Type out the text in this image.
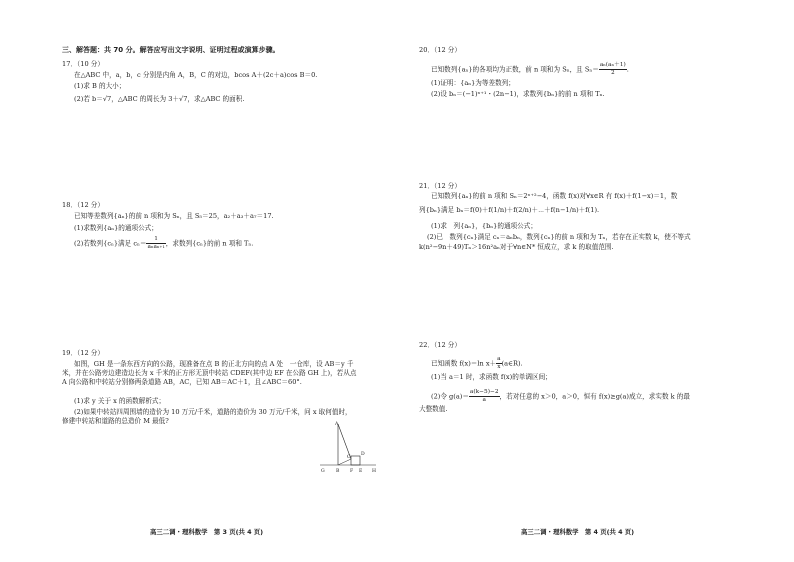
三、解答题：共 70 分。解答应写出文字说明、证明过程或演算步骤。
17．（10 分）
在△ABC 中，a，b，c 分别是内角 A，B，C 的对边，bcos A＋(2c＋a)cos B＝0.
(1)求 B 的大小；
(2)若 b＝√7，△ABC 的周长为 3＋√7，求△ABC 的面积.
18．（12 分）
已知等差数列{aₙ}的前 n 项和为 Sₙ，且 S₅＝25，a₂＋a₃＋a₇＝17.
(1)求数列{aₙ}的通项公式；
(2)若数列{cₙ}满足 $c_n= \frac{1}{\text{aₙaₙ₊₁}}$ ，求数列{cₙ}的前 n 项和 Tₙ.
19．（12 分）
如图，GH 是一条东西方向的公路，现准备在点 B 的正北方向的点 A 处　一仓库，设 AB＝y 千米，并在公路旁边建造边长为 x 千米的正方形无顶中转站 CDEF(其中边 EF 在公路 GH 上)，若从点 A 向公路和中转站分别修两条道路 AB，AC，已知 AB＝AC＋1，且∠ABC＝60°.
(1)求 y 关于 x 的函数解析式；
(2)如果中转站四周围墙的造价为 10 万元/千米，道路的造价为 30 万元/千米，问 x 取何值时，修建中转站和道路的总造价 M 最低?	A
D
C
G B F E H
高三二调・理科数学　第 3 页(共 4 页)
20．（12 分）
已知数列{aₙ}的各项均为正数，前 n 项和为 Sₙ，且 $S_n= \frac{\text{aₙ(aₙ＋1)}}{2}$ .
(1)证明：{aₙ}为等差数列；
(2)设 bₙ＝(−1)ⁿ⁺¹・(2n−1)，求数列{bₙ}的前 n 项和 Tₙ.
21．（12 分）
已知数列{aₙ}的前 n 项和 Sₙ＝2ⁿ⁺²−4，函数 f(x)对∀x∈R 有 f(x)＋f(1−x)＝1，数
列{bₙ}满足 bₙ＝f(0)＋f(1/n)＋f(2/n)＋⋯＋f(n−1/n)＋f(1).
(1)求　列{aₙ}，{bₙ}的通项公式；
(2)已　数列{cₙ}满足 cₙ＝aₙbₙ，数列{cₙ}的前 n 项和为 Tₙ，若存在正实数 k，使不等式
k(n²−9n＋49)Tₙ＞16n²aₙ对于∀n∈N* 恒成立，求 k 的取值范围.
22．（12 分）
已知函数 f(x)＝ln $x+ \frac{a}{x}$ (a∈R).
(1)当 a＝1 时，求函数 f(x)的单调区间；
(2)令 $g(a)= \frac{a(k-5)-2}{a}$ ，若对任意的 x＞0，a＞0，恒有 f(x)≥g(a)成立，求实数 k 的最
大整数值.
高三二调・理科数学　第 4 页(共 4 页)
